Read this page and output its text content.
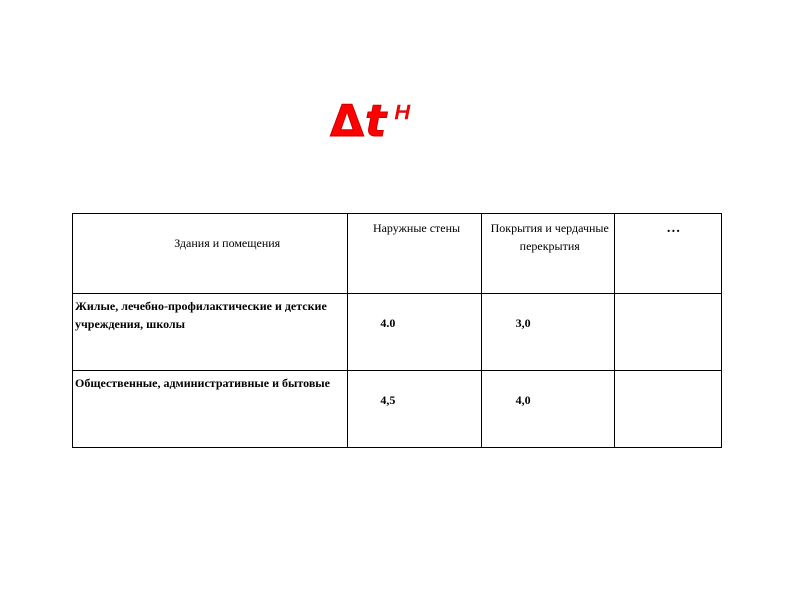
Δt н
Здания и помещения	Наружные стены	Покрытия и чердачные перекрытия	…
Жилые, лечебно-профилактические и детские учреждения, школы	4.0	3,0	
Общественные, административные и бытовые	4,5	4,0	
